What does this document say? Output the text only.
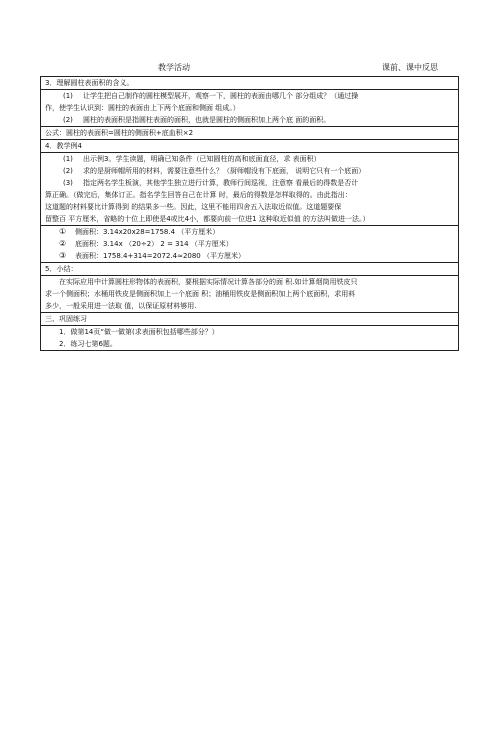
教学活动	课前、课中反思
3．理解圆柱表面积的含义。
(1) 让学生把自己制作的圆柱模型展开，观察一下，圆柱的表面由哪几个 部分组成？（通过操
作，使学生认识到：圆柱的表面由上下两个底面和侧面 组成。）
(2) 圆柱的表面积是指圆柱表面的面积，也就是圆柱的侧面积加上两个底 面的面积。
公式：圆柱的表面积=圆柱的侧面积+底血积×2
4．教学例4
(1) 出示例3。学生读题，明确已知条件（已知圆柱的高和底面直径，求 表面积）
(2) 求的是厨师帽所用的材料，需要注意些什么？（厨师帽没有下底面， 说明它只有一个底面）
(3) 指定两名学生板演，其他学生独立进行计算，教师行间巡视，注意察 看最后的得数是否计
算正确。（做完后，集体订正。指名学生回答自己在计算 时，最后的得数是怎样取得的。由此指出：
这道题的材料要比计算得到 的结果多一些。因此，这里不能用四舍五入法取近似值。这道题要保
留整百 平方厘米，省略的十位上即使是4或比4小，都要向前一位进1 这种取近似值 的方法叫做进一法。）
① 侧面积：3.14x20x28=1758.4 （平方厘米）
② 底面积：3.14x （20÷2） 2 = 314 （平方厘米）
③ 表面积：1758.4+314=2072.4≈2080 （平方厘米）
5．小结：
在实际应用中计算圆柱形物体的表面积，要根据实际情况计算各部分的面 积.如计算烟筒用铁皮只
求一个侧面积；水桶用铁皮是侧面积加上一个底面 积；油桶用铁皮是侧面积加上两个底面积，求用料
多少，一般采用进一法取 值，以保证原材料够用.
三、巩固练习
1．做第14页“做一做第(求表面积包括哪些部分？）
2．练习七第6题。
